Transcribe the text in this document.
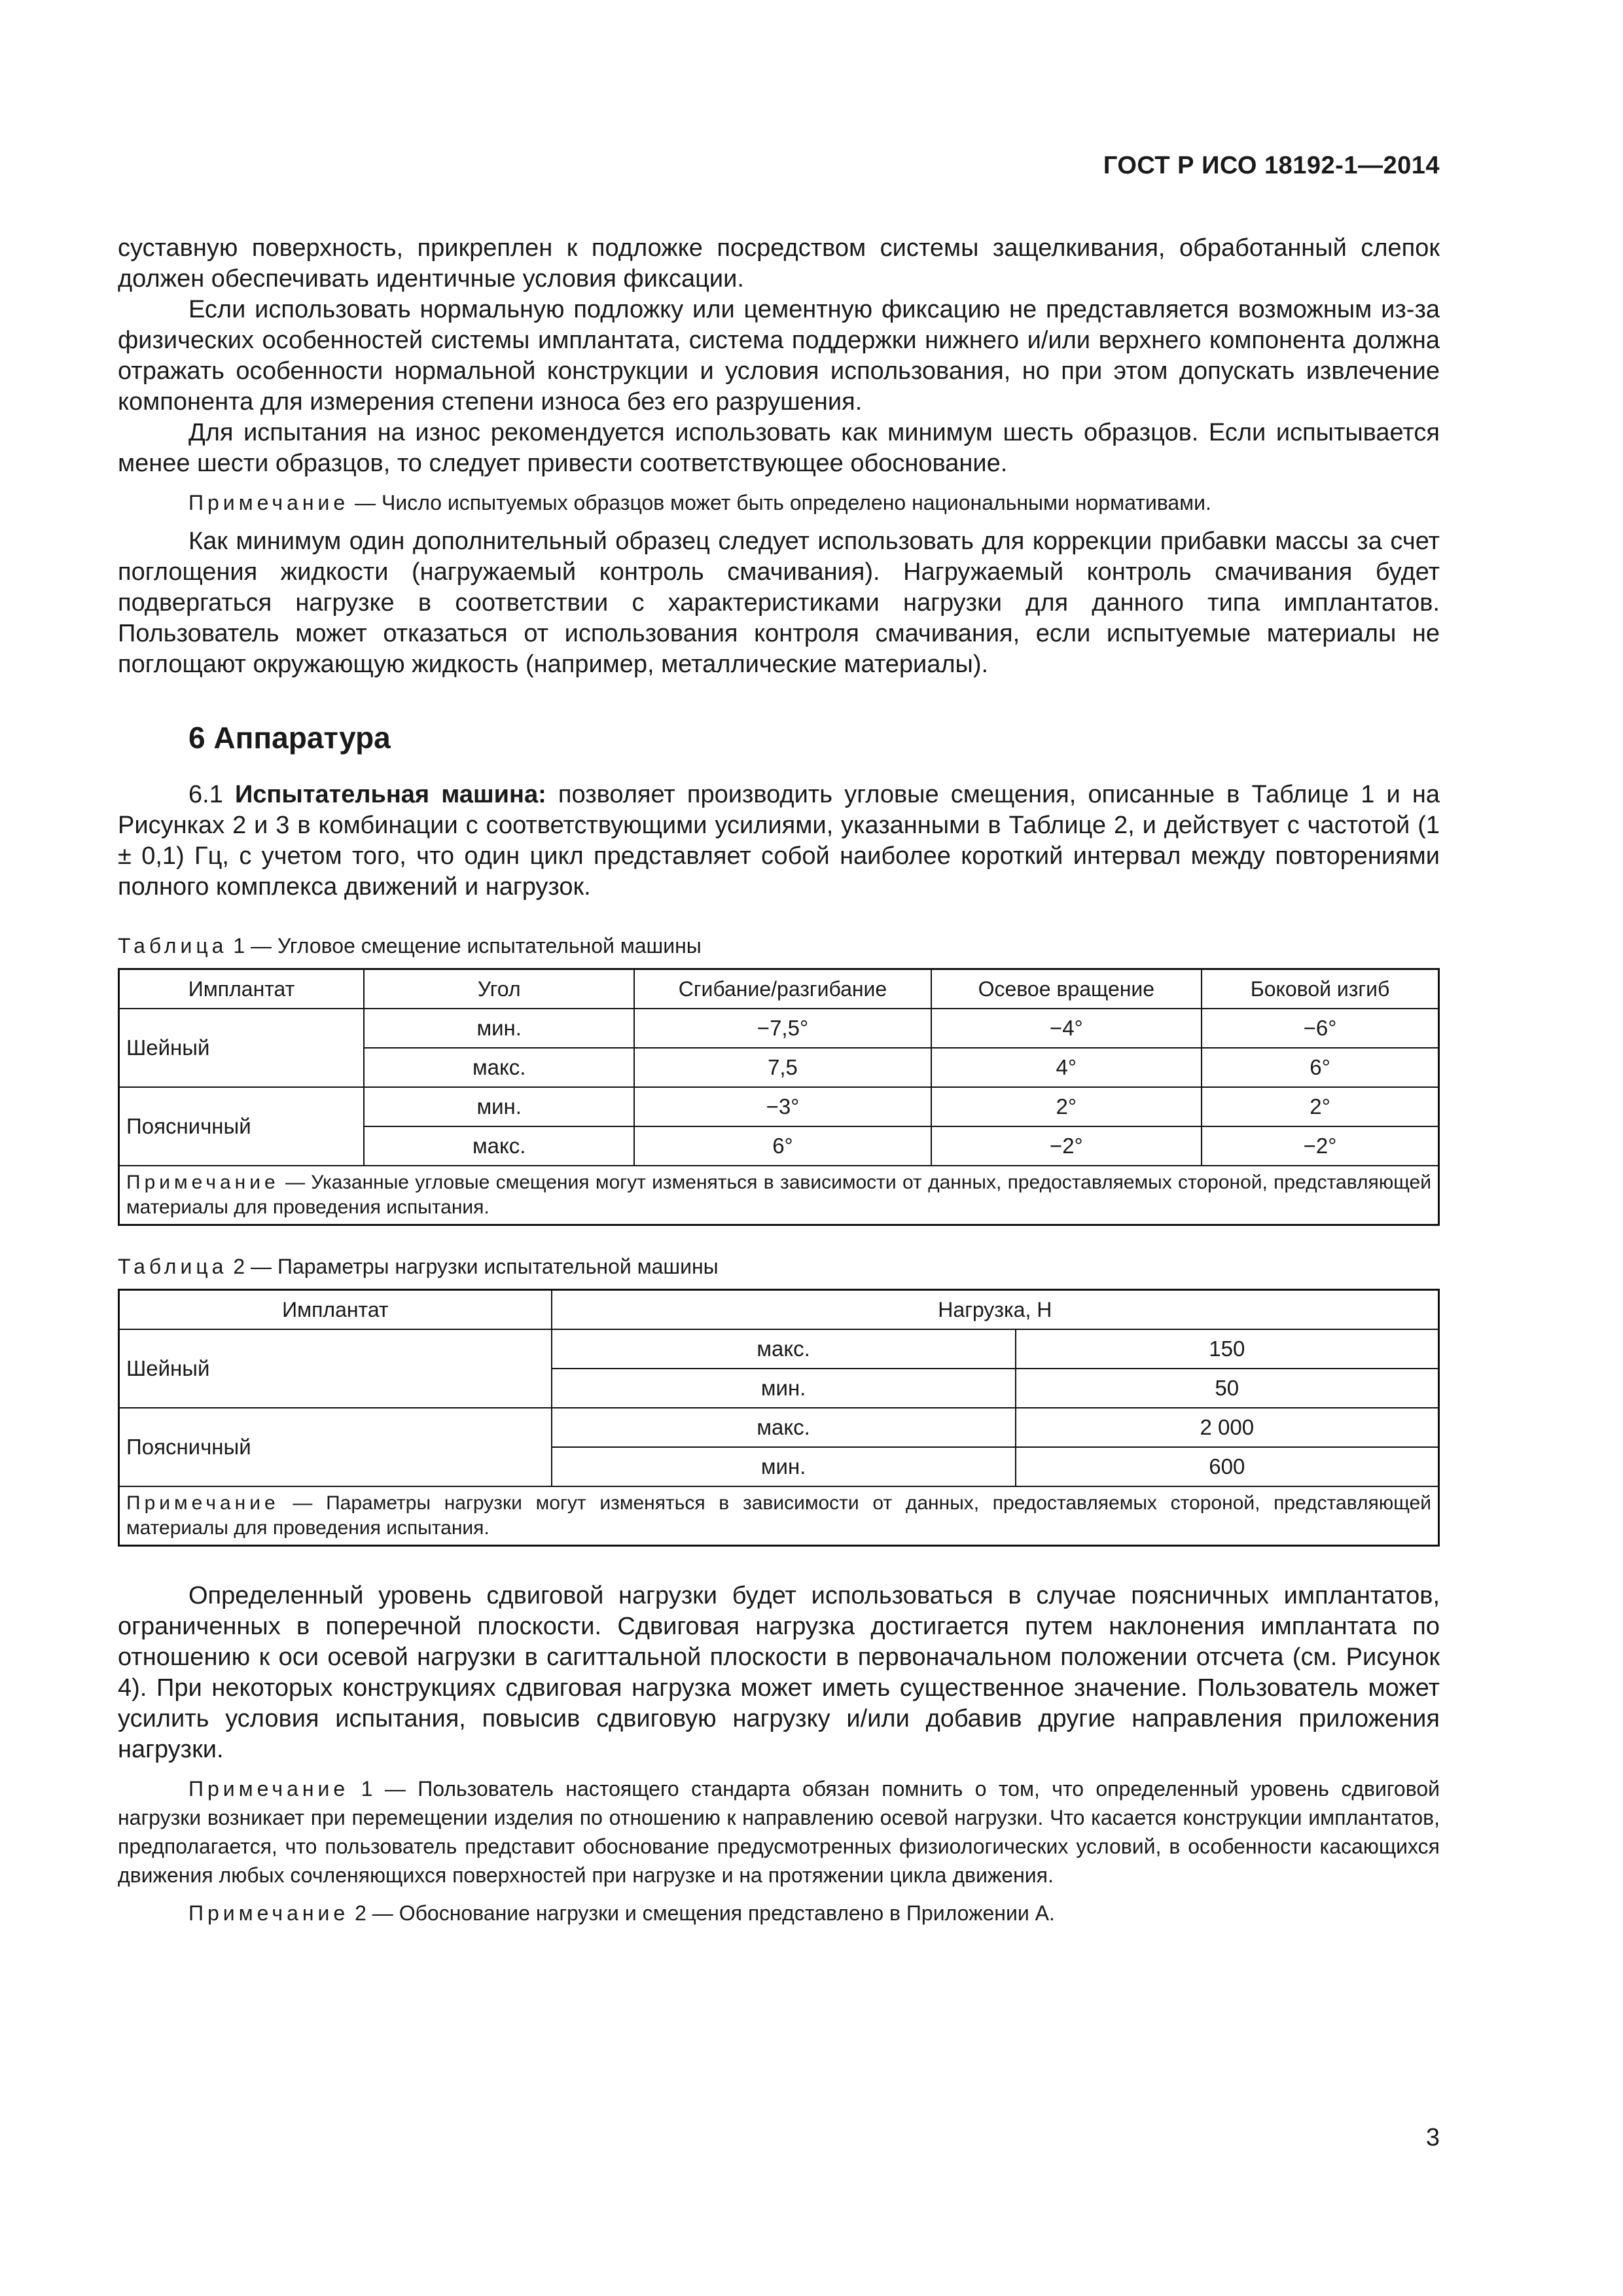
ГОСТ Р ИСО 18192-1—2014

суставную поверхность, прикреплен к подложке посредством системы защелкивания, обработанный слепок должен обеспечивать идентичные условия фиксации.

Если использовать нормальную подложку или цементную фиксацию не представляется возможным из-за физических особенностей системы имплантата, система поддержки нижнего и/или верхнего компонента должна отражать особенности нормальной конструкции и условия использования, но при этом допускать извлечение компонента для измерения степени износа без его разрушения.

Для испытания на износ рекомендуется использовать как минимум шесть образцов. Если испытывается менее шести образцов, то следует привести соответствующее обоснование.

Примечание — Число испытуемых образцов может быть определено национальными нормативами.

Как минимум один дополнительный образец следует использовать для коррекции прибавки массы за счет поглощения жидкости (нагружаемый контроль смачивания). Нагружаемый контроль смачивания будет подвергаться нагрузке в соответствии с характеристиками нагрузки для данного типа имплантатов. Пользователь может отказаться от использования контроля смачивания, если испытуемые материалы не поглощают окружающую жидкость (например, металлические материалы).

6 Аппаратура

6.1 Испытательная машина: позволяет производить угловые смещения, описанные в Таблице 1 и на Рисунках 2 и 3 в комбинации с соответствующими усилиями, указанными в Таблице 2, и действует с частотой (1 ± 0,1) Гц, с учетом того, что один цикл представляет собой наиболее короткий интервал между повторениями полного комплекса движений и нагрузок.

Таблица 1 — Угловое смещение испытательной машины
Имплантат	Угол	Сгибание/разгибание	Осевое вращение	Боковой изгиб
Шейный	мин.	−7,5°	−4°	−6°
	макс.	7,5	4°	6°
Поясничный	мин.	−3°	2°	2°
	макс.	6°	−2°	−2°
Примечание — Указанные угловые смещения могут изменяться в зависимости от данных, предоставляемых стороной, представляющей материалы для проведения испытания.				
Таблица 2 — Параметры нагрузки испытательной машины
Имплантат	Нагрузка, Н	
Шейный	макс.	150
	мин.	50
Поясничный	макс.	2 000
	мин.	600
Примечание — Параметры нагрузки могут изменяться в зависимости от данных, предоставляемых стороной, представляющей материалы для проведения испытания.		

Определенный уровень сдвиговой нагрузки будет использоваться в случае поясничных имплантатов, ограниченных в поперечной плоскости. Сдвиговая нагрузка достигается путем наклонения имплантата по отношению к оси осевой нагрузки в сагиттальной плоскости в первоначальном положении отсчета (см. Рисунок 4). При некоторых конструкциях сдвиговая нагрузка может иметь существенное значение. Пользователь может усилить условия испытания, повысив сдвиговую нагрузку и/или добавив другие направления приложения нагрузки.

Примечание 1 — Пользователь настоящего стандарта обязан помнить о том, что определенный уровень сдвиговой нагрузки возникает при перемещении изделия по отношению к направлению осевой нагрузки. Что касается конструкции имплантатов, предполагается, что пользователь представит обоснование предусмотренных физиологических условий, в особенности касающихся движения любых сочленяющихся поверхностей при нагрузке и на протяжении цикла движения.
Примечание 2 — Обоснование нагрузки и смещения представлено в Приложении А.
3
